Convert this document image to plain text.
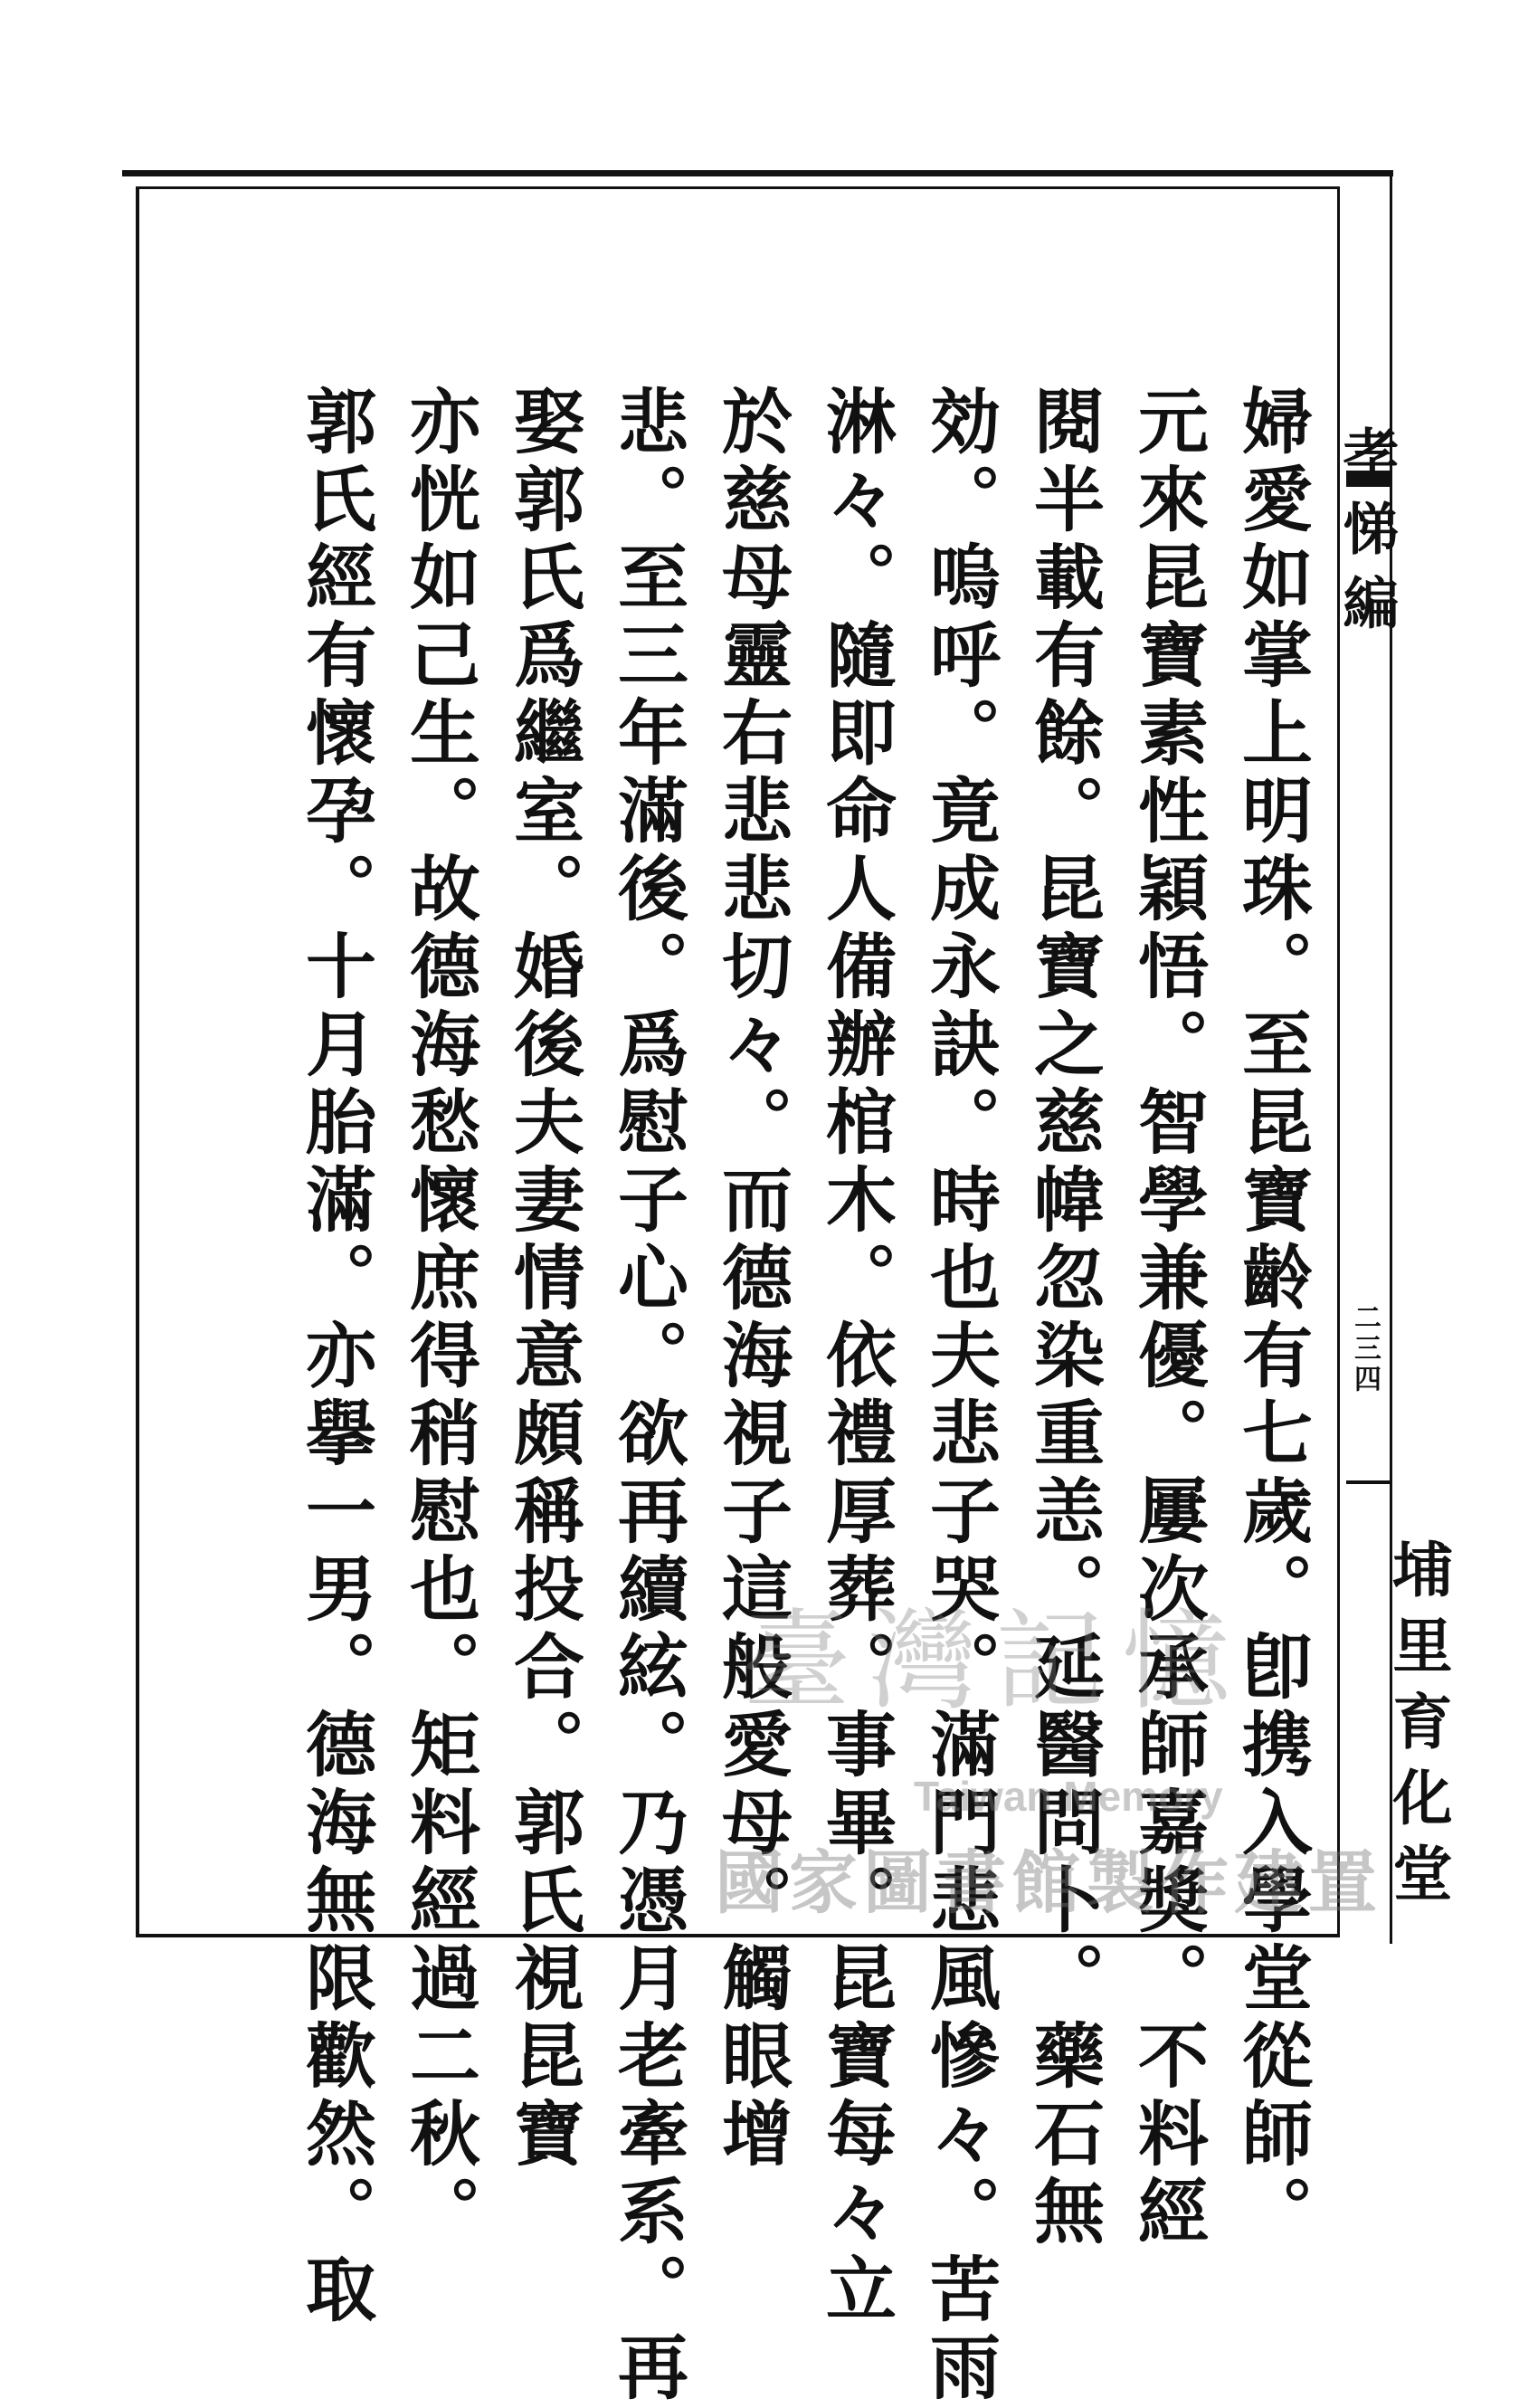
孝悌編
二三四
埔里育化堂
婦愛如掌上明珠。至昆寶齡有七歲。卽携入學堂從師。
元來昆寶素性穎悟。智學兼優。屢次承師嘉獎。不料經
閱半載有餘。昆寶之慈幃忽染重恙。延醫問卜。藥石無
効。嗚呼。竟成永訣。時也夫悲子哭。滿門悲風慘々。苦雨
淋々。隨即命人備辦棺木。依禮厚葬。事畢。昆寶每々立
於慈母靈右悲悲切々。而德海視子這般愛母。觸眼增
悲。至三年滿後。爲慰子心。欲再續絃。乃憑月老牽系。再
娶郭氏爲繼室。婚後夫妻情意頗稱投合。郭氏視昆寶
亦恍如己生。故德海愁懷庶得稍慰也。矩料經過二秋。
郭氏經有懷孕。十月胎滿。亦擧一男。德海無限歡然。取	臺灣記憶
Taiwan Memory
國家圖書館製作建置
